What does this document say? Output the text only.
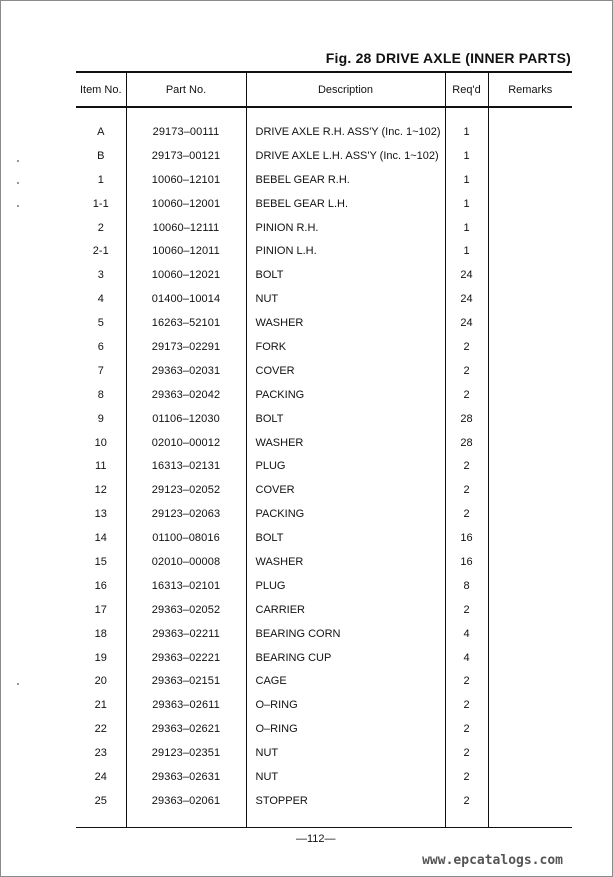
Fig. 28 DRIVE AXLE (INNER PARTS)
Item No.	Part No.	Description	Req'd	Remarks
A	29173–00111	DRIVE AXLE R.H. ASS'Y (Inc. 1~102)	1	
B	29173–00121	DRIVE AXLE L.H. ASS'Y (Inc. 1~102)	1	
1	10060–12101	BEBEL GEAR R.H.	1	
1-1	10060–12001	BEBEL GEAR L.H.	1	
2	10060–12111	PINION R.H.	1	
2-1	10060–12011	PINION L.H.	1	
3	10060–12021	BOLT	24	
4	01400–10014	NUT	24	
5	16263–52101	WASHER	24	
6	29173–02291	FORK	2	
7	29363–02031	COVER	2	
8	29363–02042	PACKING	2	
9	01106–12030	BOLT	28	
10	02010–00012	WASHER	28	
11	16313–02131	PLUG	2	
12	29123–02052	COVER	2	
13	29123–02063	PACKING	2	
14	01100–08016	BOLT	16	
15	02010–00008	WASHER	16	
16	16313–02101	PLUG	8	
17	29363–02052	CARRIER	2	
18	29363–02211	BEARING CORN	4	
19	29363–02221	BEARING CUP	4	
20	29363–02151	CAGE	2	
21	29363–02611	O–RING	2	
22	29363–02621	O–RING	2	
23	29123–02351	NUT	2	
24	29363–02631	NUT	2	
25	29363–02061	STOPPER	2	
—112—
www.epcatalogs.com
